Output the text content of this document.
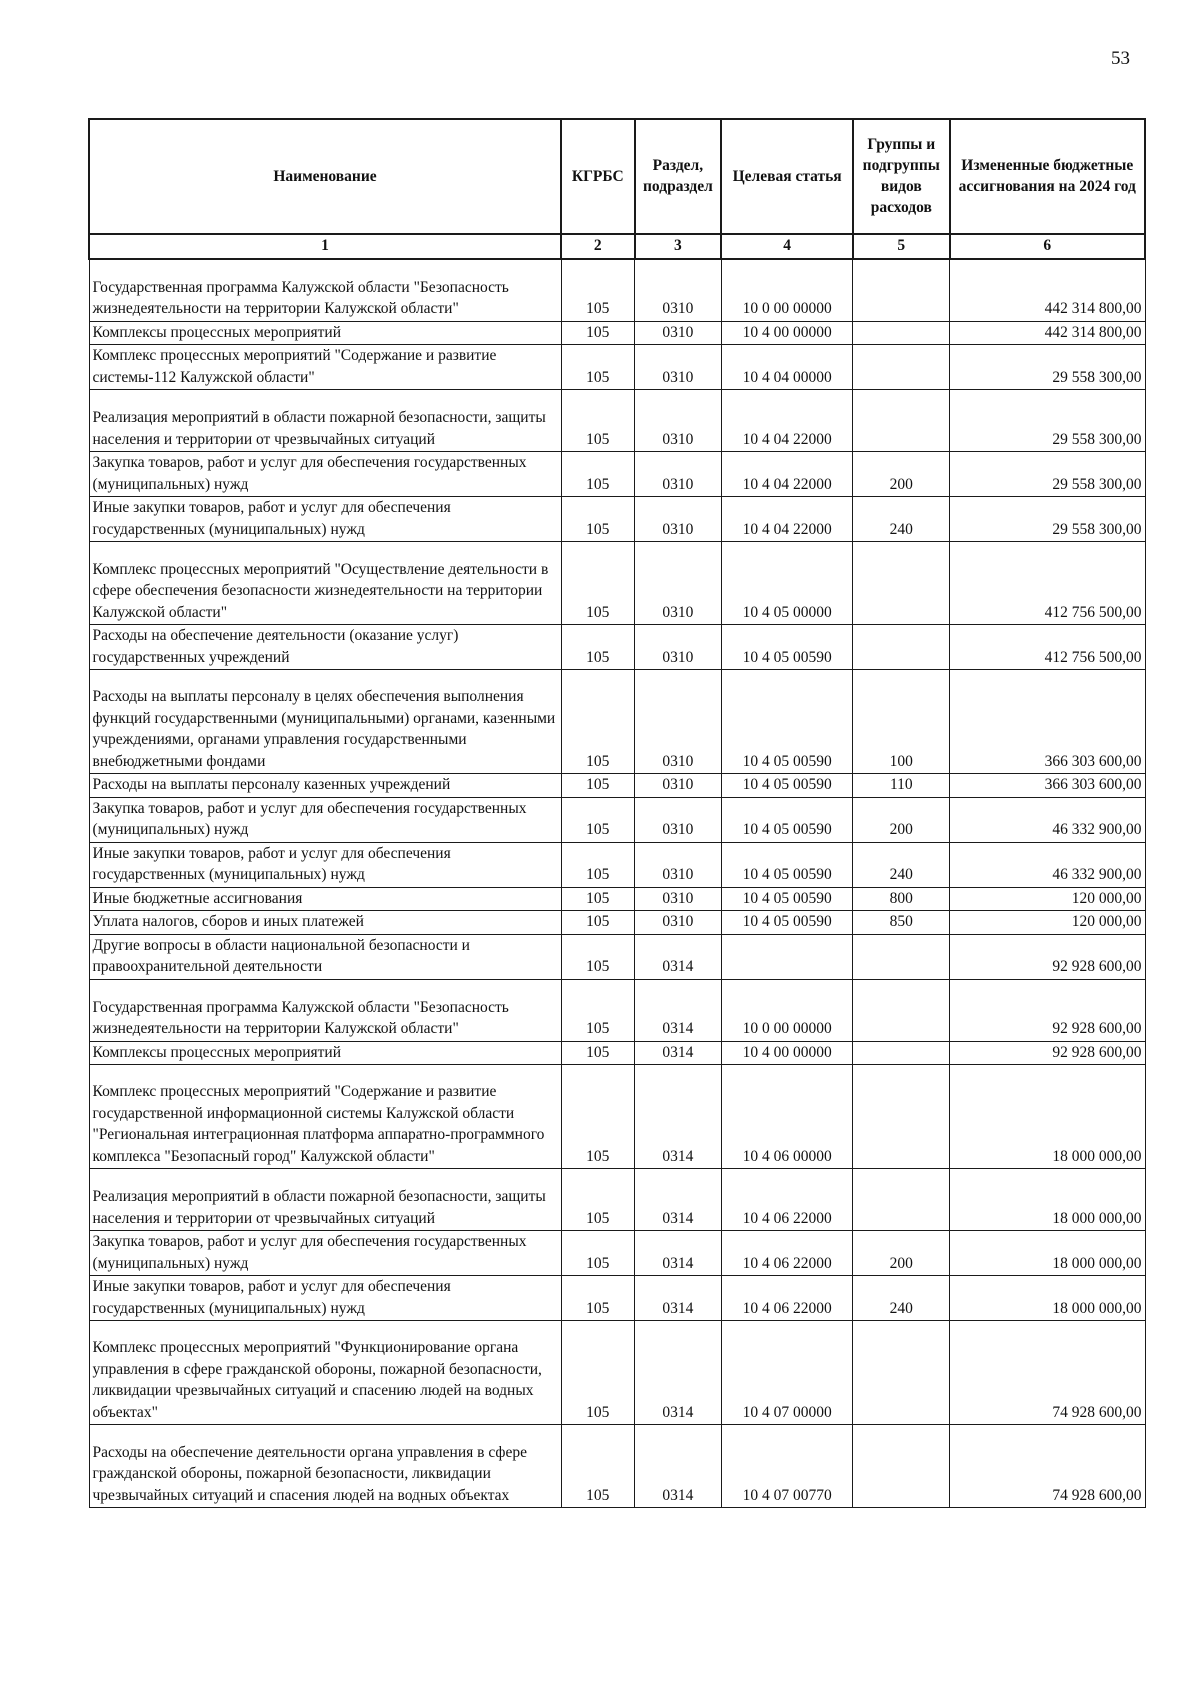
53
Наименование	КГРБС	Раздел, подраздел	Целевая статья	Группы и подгруппы видов расходов	Измененные бюджетные ассигнования на 2024 год
1	2	3	4	5	6
Государственная программа Калужской области "Безопасность жизнедеятельности на территории Калужской области"	105	0310	10 0 00 00000		442 314 800,00
Комплексы процессных мероприятий	105	0310	10 4 00 00000		442 314 800,00
Комплекс процессных мероприятий "Содержание и развитие системы-112 Калужской области"	105	0310	10 4 04 00000		29 558 300,00
Реализация мероприятий в области пожарной безопасности, защиты населения и территории от чрезвычайных ситуаций	105	0310	10 4 04 22000		29 558 300,00
Закупка товаров, работ и услуг для обеспечения государственных (муниципальных) нужд	105	0310	10 4 04 22000	200	29 558 300,00
Иные закупки товаров, работ и услуг для обеспечения государственных (муниципальных) нужд	105	0310	10 4 04 22000	240	29 558 300,00
Комплекс процессных мероприятий "Осуществление деятельности в сфере обеспечения безопасности жизнедеятельности на территории Калужской области"	105	0310	10 4 05 00000		412 756 500,00
Расходы на обеспечение деятельности (оказание услуг) государственных учреждений	105	0310	10 4 05 00590		412 756 500,00
Расходы на выплаты персоналу в целях обеспечения выполнения функций государственными (муниципальными) органами, казенными учреждениями, органами управления государственными внебюджетными фондами	105	0310	10 4 05 00590	100	366 303 600,00
Расходы на выплаты персоналу казенных учреждений	105	0310	10 4 05 00590	110	366 303 600,00
Закупка товаров, работ и услуг для обеспечения государственных (муниципальных) нужд	105	0310	10 4 05 00590	200	46 332 900,00
Иные закупки товаров, работ и услуг для обеспечения государственных (муниципальных) нужд	105	0310	10 4 05 00590	240	46 332 900,00
Иные бюджетные ассигнования	105	0310	10 4 05 00590	800	120 000,00
Уплата налогов, сборов и иных платежей	105	0310	10 4 05 00590	850	120 000,00
Другие вопросы в области национальной безопасности и правоохранительной деятельности	105	0314			92 928 600,00
Государственная программа Калужской области "Безопасность жизнедеятельности на территории Калужской области"	105	0314	10 0 00 00000		92 928 600,00
Комплексы процессных мероприятий	105	0314	10 4 00 00000		92 928 600,00
Комплекс процессных мероприятий "Содержание и развитие государственной информационной системы Калужской области "Региональная интеграционная платформа аппаратно-программного комплекса "Безопасный город" Калужской области"	105	0314	10 4 06 00000		18 000 000,00
Реализация мероприятий в области пожарной безопасности, защиты населения и территории от чрезвычайных ситуаций	105	0314	10 4 06 22000		18 000 000,00
Закупка товаров, работ и услуг для обеспечения государственных (муниципальных) нужд	105	0314	10 4 06 22000	200	18 000 000,00
Иные закупки товаров, работ и услуг для обеспечения государственных (муниципальных) нужд	105	0314	10 4 06 22000	240	18 000 000,00
Комплекс процессных мероприятий "Функционирование органа управления в сфере гражданской обороны, пожарной безопасности, ликвидации чрезвычайных ситуаций и спасению людей на водных объектах"	105	0314	10 4 07 00000		74 928 600,00
Расходы на обеспечение деятельности органа управления в сфере гражданской обороны, пожарной безопасности, ликвидации чрезвычайных ситуаций и спасения людей на водных объектах	105	0314	10 4 07 00770		74 928 600,00
